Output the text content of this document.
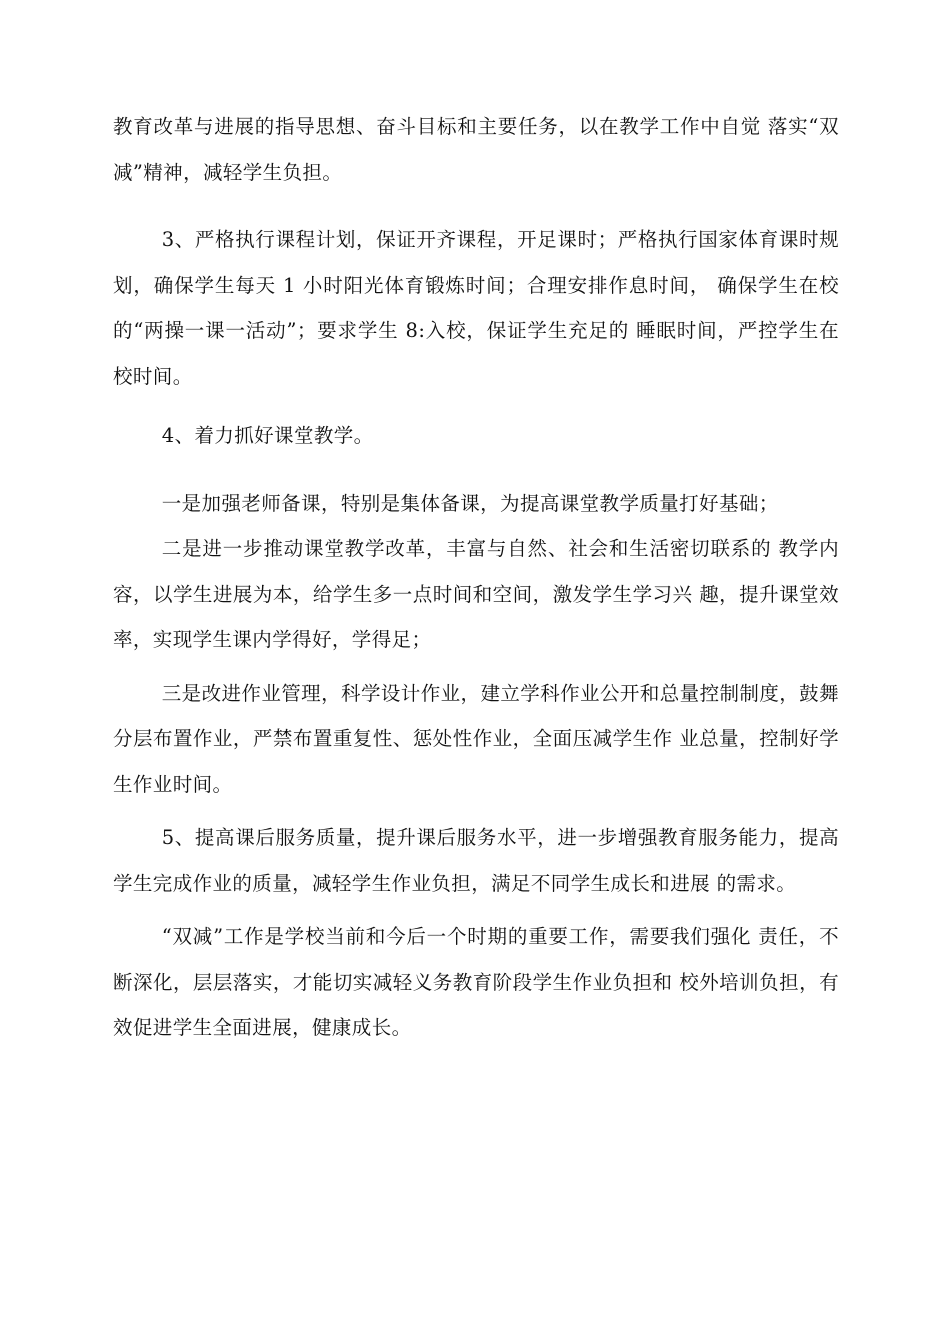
教育改革与进展的指导思想、奋斗目标和主要任务，以在教学工作中自觉 落实“双减”精神，减轻学生负担。

3、严格执行课程计划，保证开齐课程，开足课时；严格执行国家体育课时规划，确保学生每天 1 小时阳光体育锻炼时间；合理安排作息时间， 确保学生在校的“两操一课一活动”；要求学生 8:入校，保证学生充足的 睡眠时间，严控学生在校时间。

4、着力抓好课堂教学。

一是加强老师备课，特别是集体备课，为提高课堂教学质量打好基础；

二是进一步推动课堂教学改革，丰富与自然、社会和生活密切联系的 教学内容，以学生进展为本，给学生多一点时间和空间，激发学生学习兴 趣，提升课堂效率，实现学生课内学得好，学得足；

三是改进作业管理，科学设计作业，建立学科作业公开和总量控制制度，鼓舞分层布置作业，严禁布置重复性、惩处性作业，全面压减学生作 业总量，控制好学生作业时间。

5、提高课后服务质量，提升课后服务水平，进一步增强教育服务能力，提高学生完成作业的质量，减轻学生作业负担，满足不同学生成长和进展 的需求。

“双减”工作是学校当前和今后一个时期的重要工作，需要我们强化 责任，不断深化，层层落实，才能切实减轻义务教育阶段学生作业负担和 校外培训负担，有效促进学生全面进展，健康成长。
